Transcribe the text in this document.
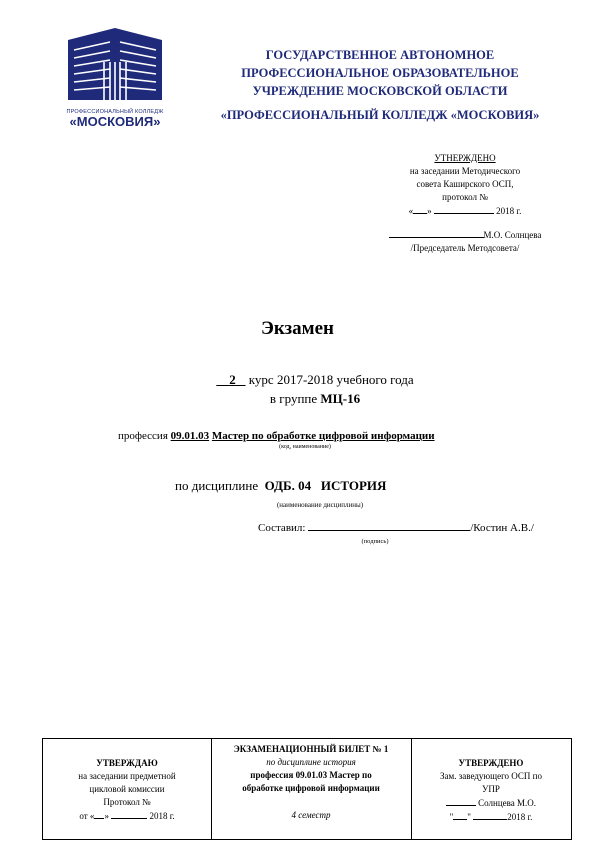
ПРОФЕССИОНАЛЬНЫЙ КОЛЛЕДЖ
«МОСКОВИЯ»
ГОСУДАРСТВЕННОЕ АВТОНОМНОЕ
ПРОФЕССИОНАЛЬНОЕ ОБРАЗОВАТЕЛЬНОЕ
УЧРЕЖДЕНИЕ МОСКОВСКОЙ ОБЛАСТИ
«ПРОФЕССИОНАЛЬНЫЙ КОЛЛЕДЖ «МОСКОВИЯ»
УТНЕРЖДЕНО
на заседании Методического
совета Каширского ОСП,
протокол №
« »	2018 г.
М.О. Солнцева
/Председатель Методсовета/
Экзамен
2 курс 2017-2018 учебного года
в группе МЦ-16
профессия 09.01.03 Мастер по обработке цифровой информации
(код, наименование)
по дисциплине ОДБ. 04 ИСТОРИЯ
(наименование дисциплины)
Составил:	/Костин А.В./
(подпись)
УТВЕРЖДАЮ
на заседании предметной
цикловой комиссии
Протокол №
от « »	2018 г.
ЭКЗАМЕНАЦИОННЫЙ БИЛЕТ № 1
по дисциплине история
профессия 09.01.03 Мастер по
обработке цифровой информации
4 семестр
УТВЕРЖДЕНО
Зам. заведующего ОСП по
УПР
Солнцева М.О.
" "	2018 г.
